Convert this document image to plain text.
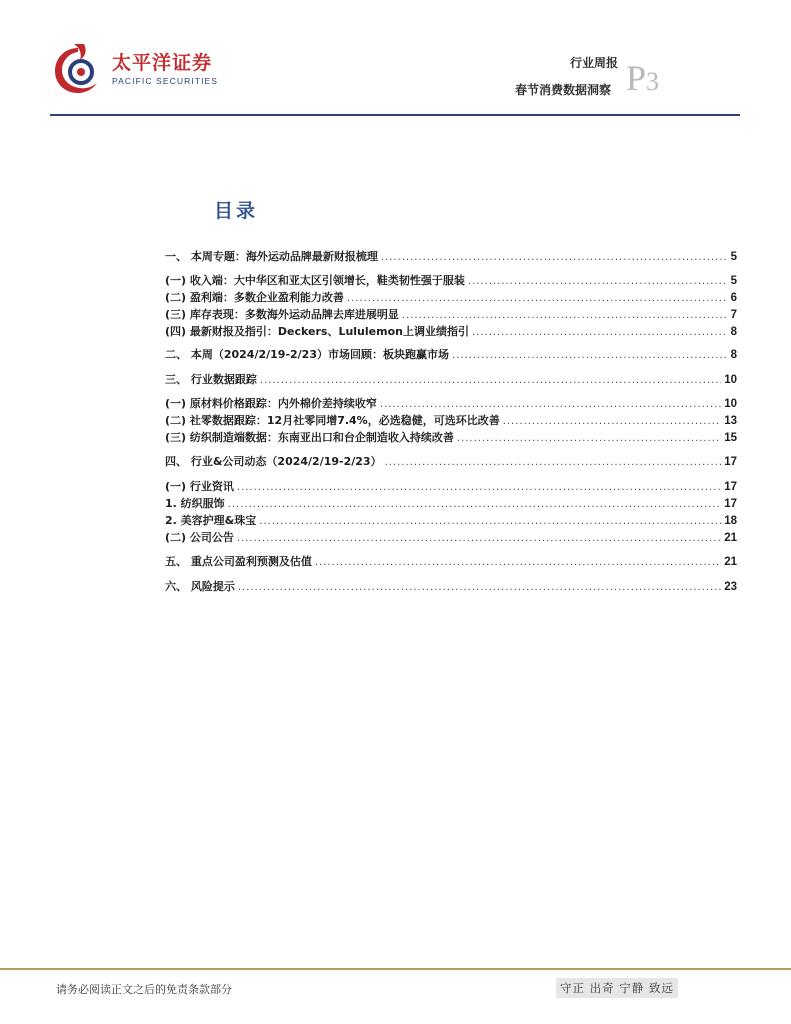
太平洋证券
PACIFIC SECURITIES
行业周报
春节消费数据洞察 P3
目录
一、 本周专题：海外运动品牌最新财报梳理 .....	5
(一) 收入端：大中华区和亚太区引领增长，鞋类韧性强于服装 .....	5
(二) 盈利端：多数企业盈利能力改善 .....	6
(三) 库存表现：多数海外运动品牌去库进展明显 .....	7
(四) 最新财报及指引：Deckers、Lululemon上调业绩指引 .....	8
二、 本周（2024/2/19-2/23）市场回顾：板块跑赢市场 .....	8
三、 行业数据跟踪 .....	10
(一) 原材料价格跟踪：内外棉价差持续收窄 .....	10
(二) 社零数据跟踪：12月社零同增7.4%，必选稳健，可选环比改善 .....	13
(三) 纺织制造端数据：东南亚出口和台企制造收入持续改善 .....	15
四、 行业&公司动态（2024/2/19-2/23） .....	17
(一) 行业资讯 .....	17
1. 纺织服饰 .....	17
2. 美容护理&珠宝 .....	18
(二) 公司公告 .....	21
五、 重点公司盈利预测及估值 .....	21
六、 风险提示 .....	23
请务必阅读正文之后的免责条款部分	守正 出奇 宁静 致远
